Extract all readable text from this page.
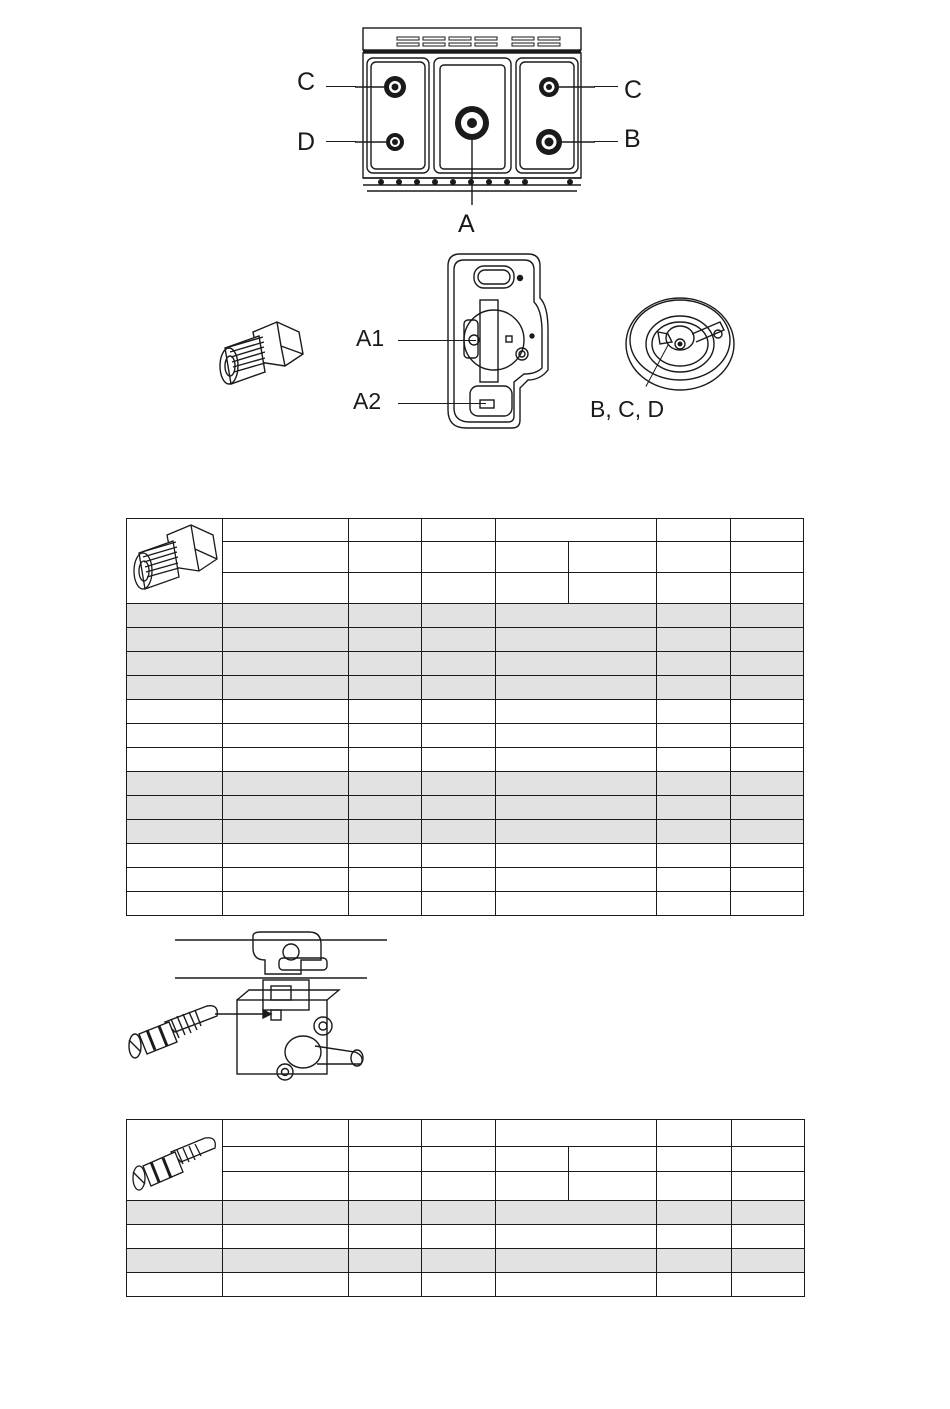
C
D
C
B
A
A1
A2	B, C, D
